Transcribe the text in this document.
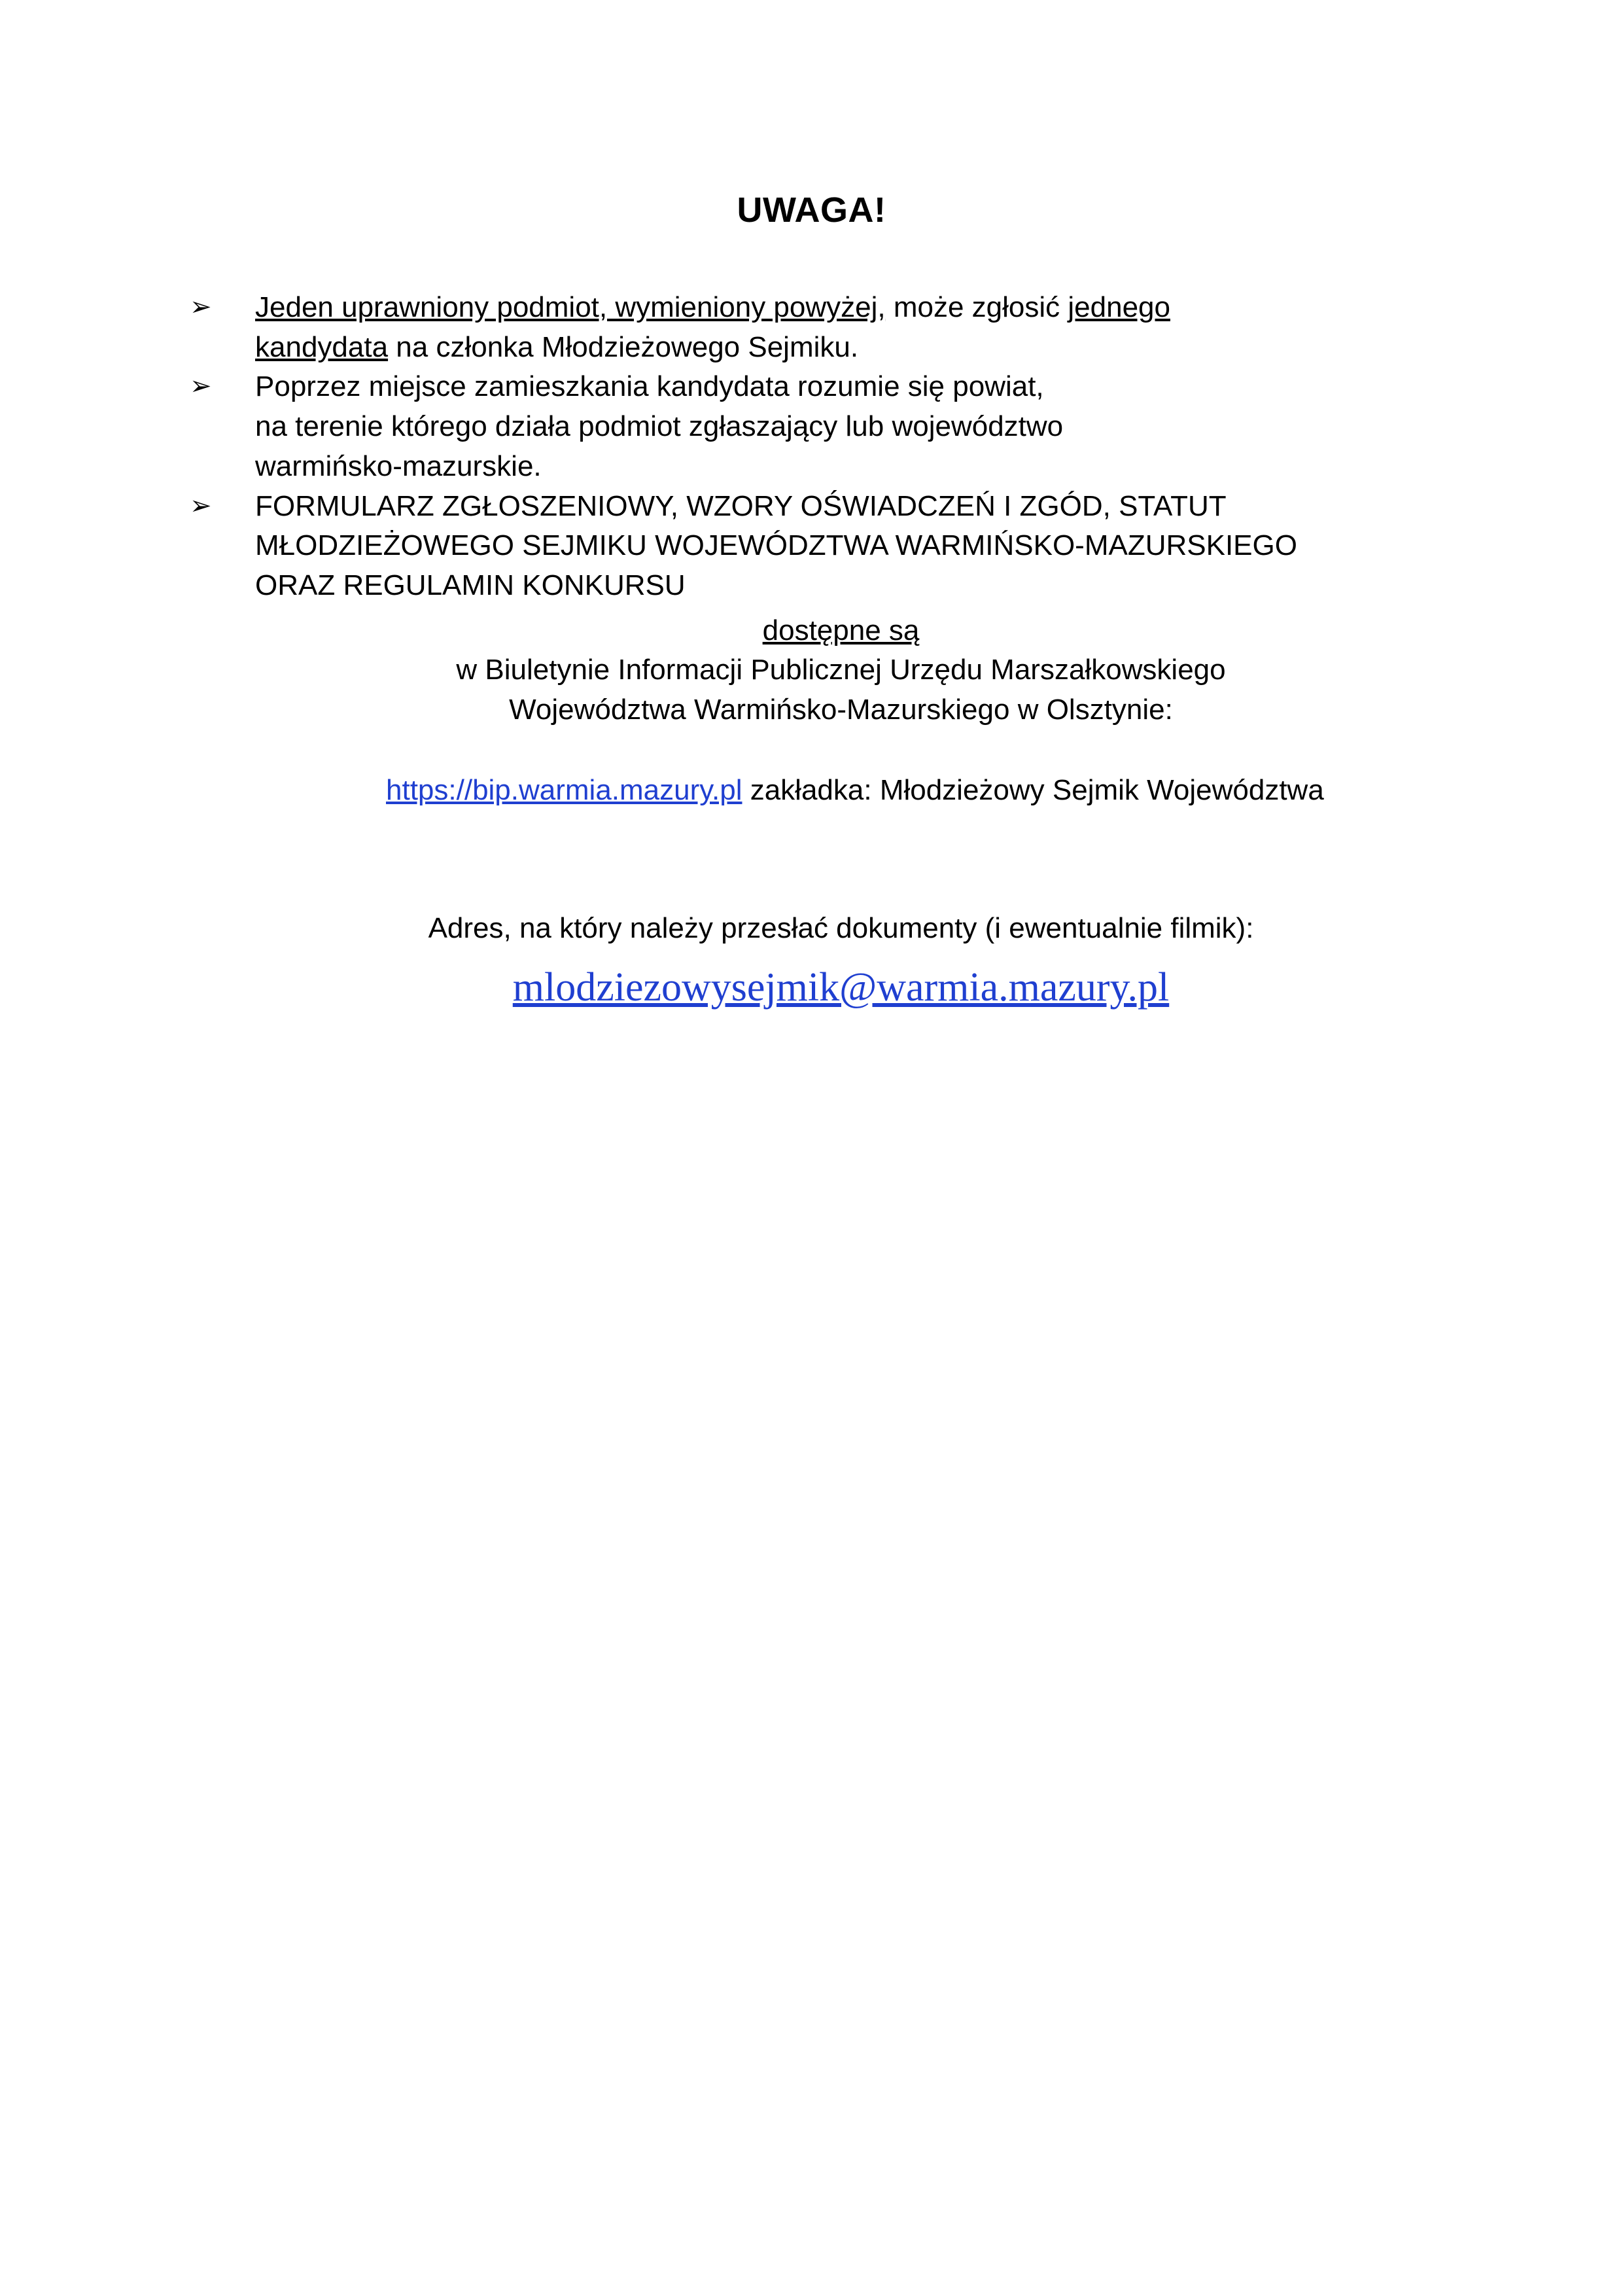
UWAGA!
➢ Jeden uprawniony podmiot, wymieniony powyżej, może zgłosić jednego
kandydata na członka Młodzieżowego Sejmiku.
➢ Poprzez miejsce zamieszkania kandydata rozumie się powiat,
na terenie którego działa podmiot zgłaszający lub województwo
warmińsko-mazurskie.
➢ FORMULARZ ZGŁOSZENIOWY, WZORY OŚWIADCZEŃ I ZGÓD, STATUT
MŁODZIEŻOWEGO SEJMIKU WOJEWÓDZTWA WARMIŃSKO-MAZURSKIEGO
ORAZ REGULAMIN KONKURSU
dostępne są
w Biuletynie Informacji Publicznej Urzędu Marszałkowskiego
Województwa Warmińsko-Mazurskiego w Olsztynie:
https://bip.warmia.mazury.pl zakładka: Młodzieżowy Sejmik Województwa
Adres, na który należy przesłać dokumenty (i ewentualnie filmik):
mlodziezowysejmik@warmia.mazury.pl
